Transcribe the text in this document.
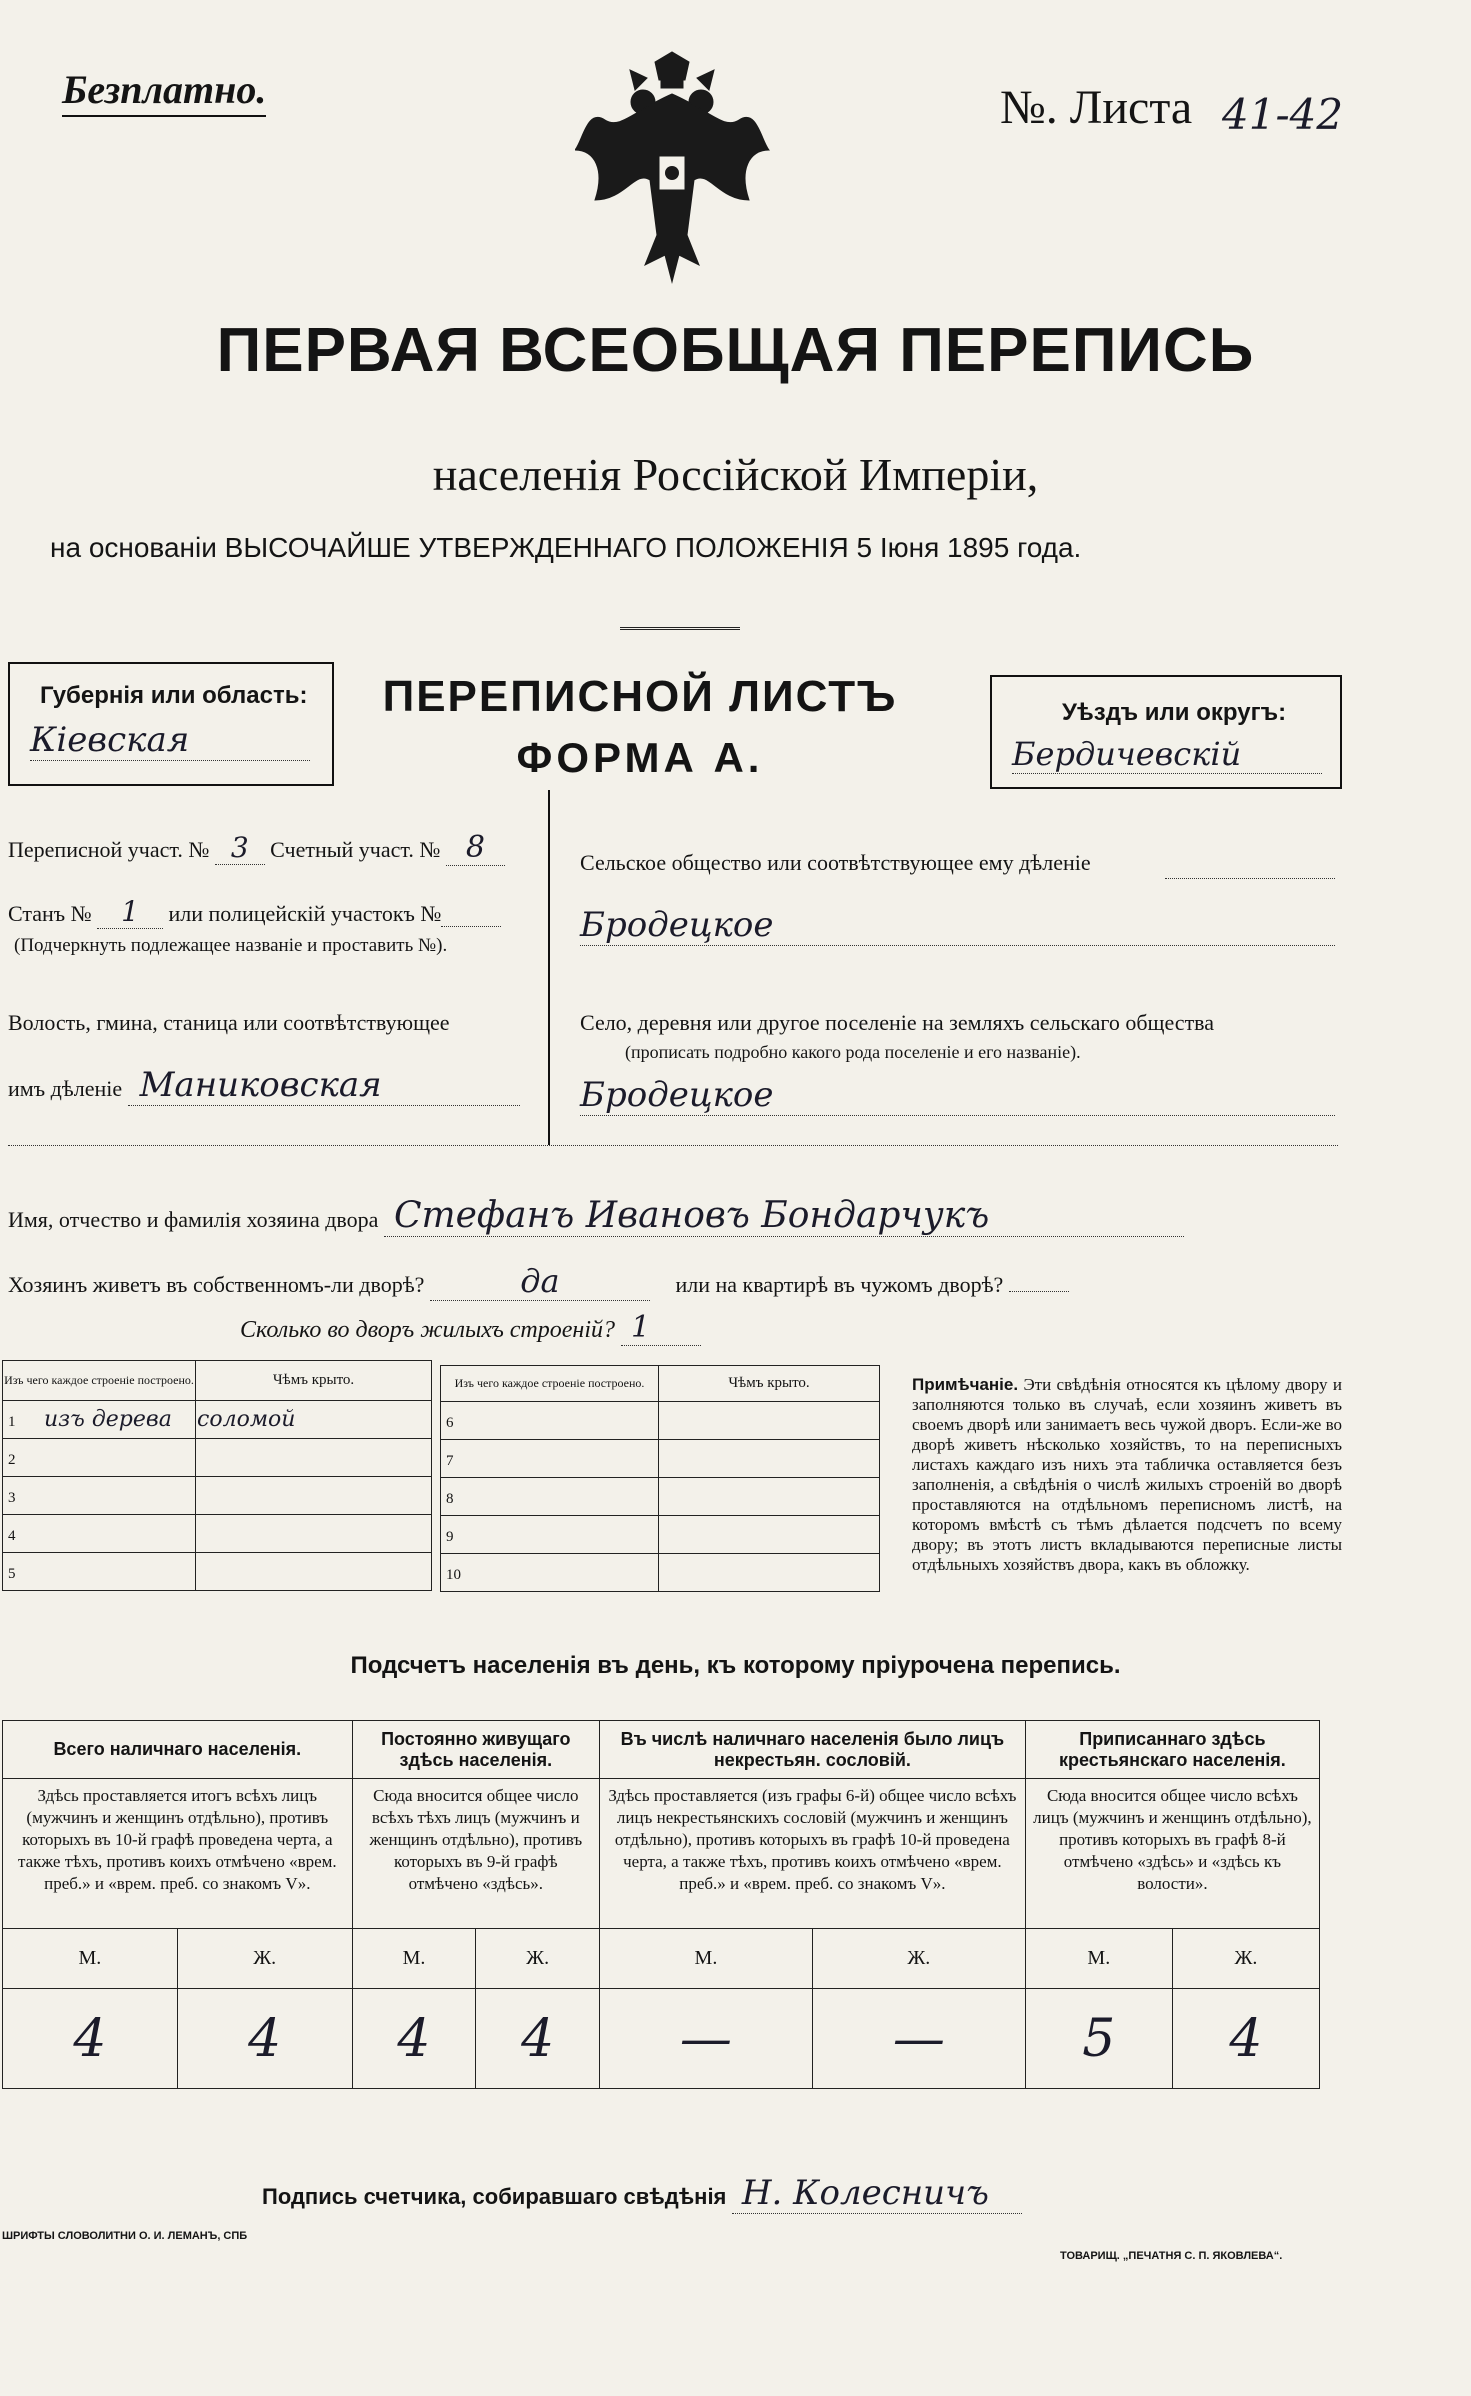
Безплатно.	№. Листа 41-42
ПЕРВАЯ ВСЕОБЩАЯ ПЕРЕПИСЬ
населенія Россійской Имперіи,
на основаніи ВЫСОЧАЙШЕ УТВЕРЖДЕННАГО ПОЛОЖЕНІЯ 5 Іюня 1895 года.
Губернія или область:
Кіевская
ПЕРЕПИСНОЙ ЛИСТЪ
ФОРМА А.
Уѣздъ или округъ:
Бердичевскій
Переписной участ. № 3 Счетный участ. № 8
Станъ № 1 или полицейскій участокъ №
(Подчеркнуть подлежащее названіе и проставить №).
Волость, гмина, станица или соотвѣтствующее
имъ дѣленіе Маниковская
Сельское общество или соотвѣтствующее ему дѣленіе
Бродецкое
Село, деревня или другое поселеніе на земляхъ сельскаго общества
(прописать подробно какого рода поселеніе и его названіе).
Бродецкое
Имя, отчество и фамилія хозяина двора Стефанъ Ивановъ Бондарчукъ
Хозяинъ живетъ въ собственномъ-ли дворѣ?	да	или на квартирѣ въ чужомъ дворѣ?
Сколько во дворъ жилыхъ строеній? 1
Изъ чего каждое строеніе построено.	Чѣмъ крыто.
1 изъ дерева	соломой
2	
3	
4	
5	
Изъ чего каждое строеніе построено.	Чѣмъ крыто.
6	
7	
8	
9	
10	
Примѣчаніе. Эти свѣдѣнія относятся къ цѣлому двору и заполняются только въ случаѣ, если хозяинъ живетъ въ своемъ дворѣ или занимаетъ весь чужой дворъ. Если-же во дворѣ живетъ нѣсколько хозяйствъ, то на переписныхъ листахъ каждаго изъ нихъ эта табличка оставляется безъ заполненія, а свѣдѣнія о числѣ жилыхъ строеній во дворѣ проставляются на отдѣльномъ переписномъ листѣ, на которомъ вмѣстѣ съ тѣмъ дѣлается подсчетъ по всему двору; въ этотъ листъ вкладываются переписные листы отдѣльныхъ хозяйствъ двора, какъ въ обложку.
Подсчетъ населенія въ день, къ которому пріурочена перепись.
Всего наличнаго населенія.		Постоянно живущаго здѣсь населенія.		Въ числѣ наличнаго населенія было лицъ некрестьян. сословій.		Приписаннаго здѣсь крестьянскаго населенія.	
Здѣсь проставляется итогъ всѣхъ лицъ (мужчинъ и женщинъ отдѣльно), противъ которыхъ въ 10-й графѣ проведена черта, а также тѣхъ, противъ коихъ отмѣчено «врем. преб.» и «врем. преб. со знакомъ V».		Сюда вносится общее число всѣхъ тѣхъ лицъ (мужчинъ и женщинъ отдѣльно), противъ которыхъ въ 9-й графѣ отмѣчено «здѣсь».		Здѣсь проставляется (изъ графы 6-й) общее число всѣхъ лицъ некрестьянскихъ сословій (мужчинъ и женщинъ отдѣльно), противъ которыхъ въ графѣ 10-й проведена черта, а также тѣхъ, противъ коихъ отмѣчено «врем. преб.» и «врем. преб. со знакомъ V».		Сюда вносится общее число всѣхъ лицъ (мужчинъ и женщинъ отдѣльно), противъ которыхъ въ графѣ 8-й отмѣчено «здѣсь» и «здѣсь къ волости».	
М.	Ж.	М.	Ж.	М.	Ж.	М.	Ж.
4	4	4	4	—	—	5	4
Подпись счетчика, собиравшаго свѣдѣнія Н. Колесничъ
ШРИФТЫ СЛОВОЛИТНИ О. И. ЛЕМАНЪ, СПБ
ТОВАРИЩ. „ПЕЧАТНЯ С. П. ЯКОВЛЕВА“.
